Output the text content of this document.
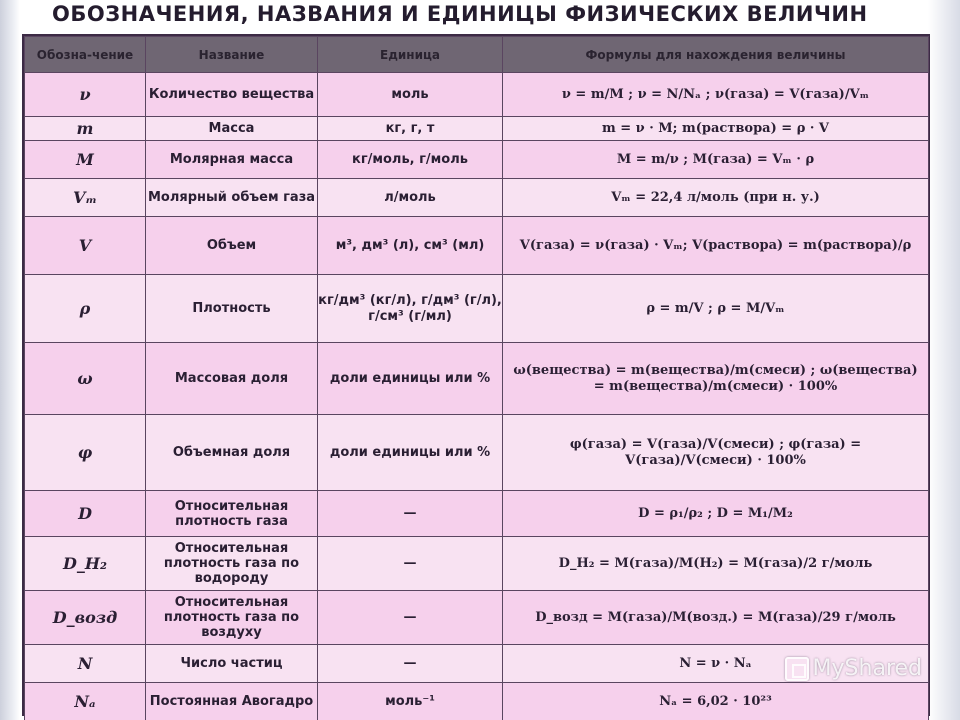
ОБОЗНАЧЕНИЯ, НАЗВАНИЯ И ЕДИНИЦЫ ФИЗИЧЕСКИХ ВЕЛИЧИН
Обозна-чение	Название	Единица	Формулы для нахождения величины
ν	Количество вещества	моль	ν = m/M ; ν = N/Nₐ ; ν(газа) = V(газа)/Vₘ
m	Масса	кг, г, т	m = ν · M; m(раствора) = ρ · V
M	Молярная масса	кг/моль, г/моль	M = m/ν ; M(газа) = Vₘ · ρ
Vₘ	Молярный объем газа	л/моль	Vₘ = 22,4 л/моль (при н. у.)
V	Объем	м³, дм³ (л), см³ (мл)	V(газа) = ν(газа) · Vₘ; V(раствора) = m(раствора)/ρ
ρ	Плотность	кг/дм³ (кг/л), г/дм³ (г/л), г/см³ (г/мл)	ρ = m/V ; ρ = M/Vₘ
ω	Массовая доля	доли единицы или %	ω(вещества) = m(вещества)/m(смеси) ; ω(вещества) = m(вещества)/m(смеси) · 100%
φ	Объемная доля	доли единицы или %	φ(газа) = V(газа)/V(смеси) ; φ(газа) = V(газа)/V(смеси) · 100%
D	Относительная плотность газа	—	D = ρ₁/ρ₂ ; D = M₁/M₂
D_H₂	Относительная плотность газа по водороду	—	D_H₂ = M(газа)/M(H₂) = M(газа)/2 г/моль
D_возд	Относительная плотность газа по воздуху	—	D_возд = M(газа)/M(возд.) = M(газа)/29 г/моль
N	Число частиц	—	N = ν · Nₐ
Nₐ	Постоянная Авогадро	моль⁻¹	Nₐ = 6,02 · 10²³
MyShared
